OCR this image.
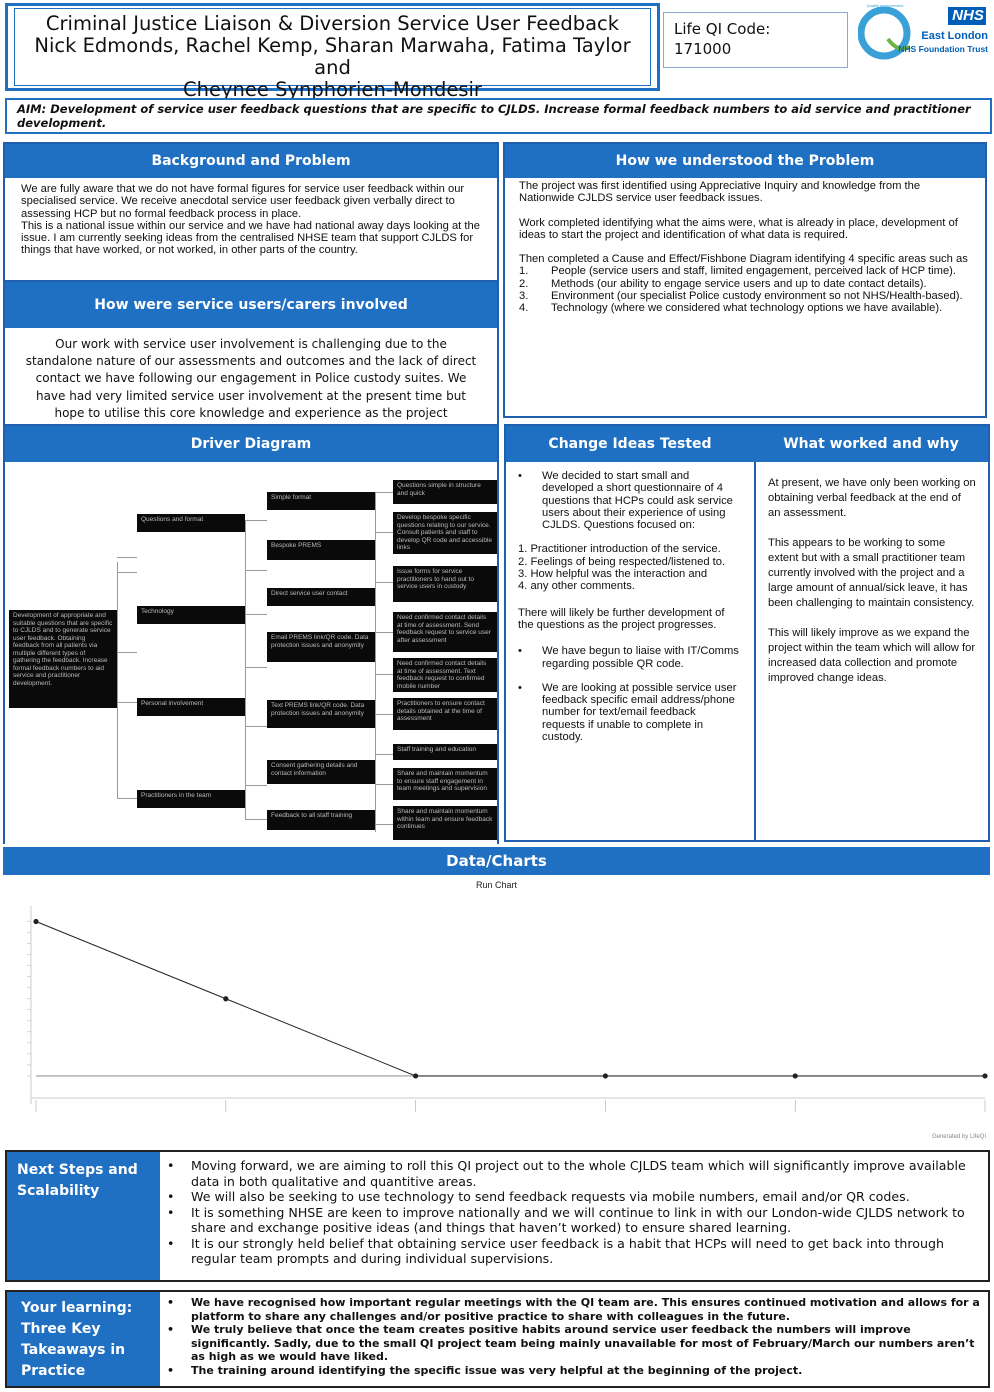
Criminal Justice Liaison & Diversion Service User Feedback
Nick Edmonds, Rachel Kemp, Sharan Marwaha, Fatima Taylor and
Cheynee Synphorien-Mondesir
Life QI Code:
171000
NHS
East London
NHS Foundation Trust
Quality Improvement
AIM: Development of service user feedback questions that are specific to CJLDS. Increase formal feedback numbers to aid service and practitioner development.
Background and Problem
We are fully aware that we do not have formal figures for service user feedback within our specialised service. We receive anecdotal service user feedback given verbally direct to assessing HCP but no formal feedback process in place.
This is a national issue within our service and we have had national away days looking at the issue. I am currently seeking ideas from the centralised NHSE team that support CJLDS for things that have worked, or not worked, in other parts of the country.
How we understood the Problem

The project was first identified using Appreciative Inquiry and knowledge from the Nationwide CJLDS service user feedback issues.

Work completed identifying what the aims were, what is already in place, development of ideas to start the project and identification of what data is required.

Then completed a Cause and Effect/Fishbone Diagram identifying 4 specific areas such as

1.	People (service users and staff, limited engagement, perceived lack of HCP time).
2.	Methods (our ability to engage service users and up to date contact details).
3.	Environment (our specialist Police custody environment so not NHS/Health-based).
4.	Technology (where we considered what technology options we have available).
How were service users/carers involved
Our work with service user involvement is challenging due to the standalone nature of our assessments and outcomes and the lack of direct contact we have following our engagement in Police custody suites. We have had very limited service user involvement at the present time but hope to utilise this core knowledge and experience as the project
Driver Diagram
Development of appropriate and suitable questions that are specific to CJLDS and to generate service user feedback. Obtaining feedback from all patients via multiple different types of gathering the feedback. Increase formal feedback numbers to aid service and practitioner development.
Questions and format
Technology
Personal involvement
Practitioners in the team
Simple format
Bespoke PREMS
Direct service user contact
Email PREMS link/QR code. Data protection issues and anonymity
Text PREMS link/QR code. Data protection issues and anonymity
Consent gathering details and contact information
Feedback to all staff training
Questions simple in structure and quick
Develop bespoke specific questions relating to our service. Consult patients and staff to develop QR code and accessible links
Issue forms for service practitioners to hand out to service users in custody
Need confirmed contact details at time of assessment. Send feedback request to service user after assessment
Need confirmed contact details at time of assessment. Text feedback request to confirmed mobile number
Practitioners to ensure contact details obtained at the time of assessment
Staff training and education
Share and maintain momentum to ensure staff engagement in team meetings and supervision
Share and maintain momentum within team and ensure feedback continues
Change Ideas Tested	What worked and why
•	We decided to start small and developed a short questionnaire of 4 questions that HCPs could ask service users about their experience of using CJLDS. Questions focused on:

1. Practitioner introduction of the service.

2. Feelings of being respected/listened to.

3. How helpful was the interaction and

4. any other comments.

There will likely be further development of the questions as the project progresses.

•	We have begun to liaise with IT/Comms regarding possible QR code.
•	We are looking at possible service user feedback specific email address/phone number for text/email feedback requests if unable to complete in custody.

At present, we have only been working on obtaining verbal feedback at the end of an assessment.

This appears to be working to some extent but with a small practitioner team currently involved with the project and a large amount of annual/sick leave, it has been challenging to maintain consistency.

This will likely improve as we expand the project within the team which will allow for increased data collection and promote improved change ideas.

Data/Charts
Run Chart
Generated by LifeQI
Next Steps and
Scalability
•	Moving forward, we are aiming to roll this QI project out to the whole CJLDS team which will significantly improve available data in both qualitative and quantitive areas.
•	We will also be seeking to use technology to send feedback requests via mobile numbers, email and/or QR codes.
•	It is something NHSE are keen to improve nationally and we will continue to link in with our London-wide CJLDS network to share and exchange positive ideas (and things that haven’t worked) to ensure shared learning.
•	It is our strongly held belief that obtaining service user feedback is a habit that HCPs will need to get back into through regular team prompts and during individual supervisions.
Your learning:
Three Key
Takeaways in
Practice
•	We have recognised how important regular meetings with the QI team are. This ensures continued motivation and allows for a platform to share any challenges and/or positive practice to share with colleagues in the future.
•	We truly believe that once the team creates positive habits around service user feedback the numbers will improve significantly. Sadly, due to the small QI project team being mainly unavailable for most of February/March our numbers aren’t as high as we would have liked.
•	The training around identifying the specific issue was very helpful at the beginning of the project.
